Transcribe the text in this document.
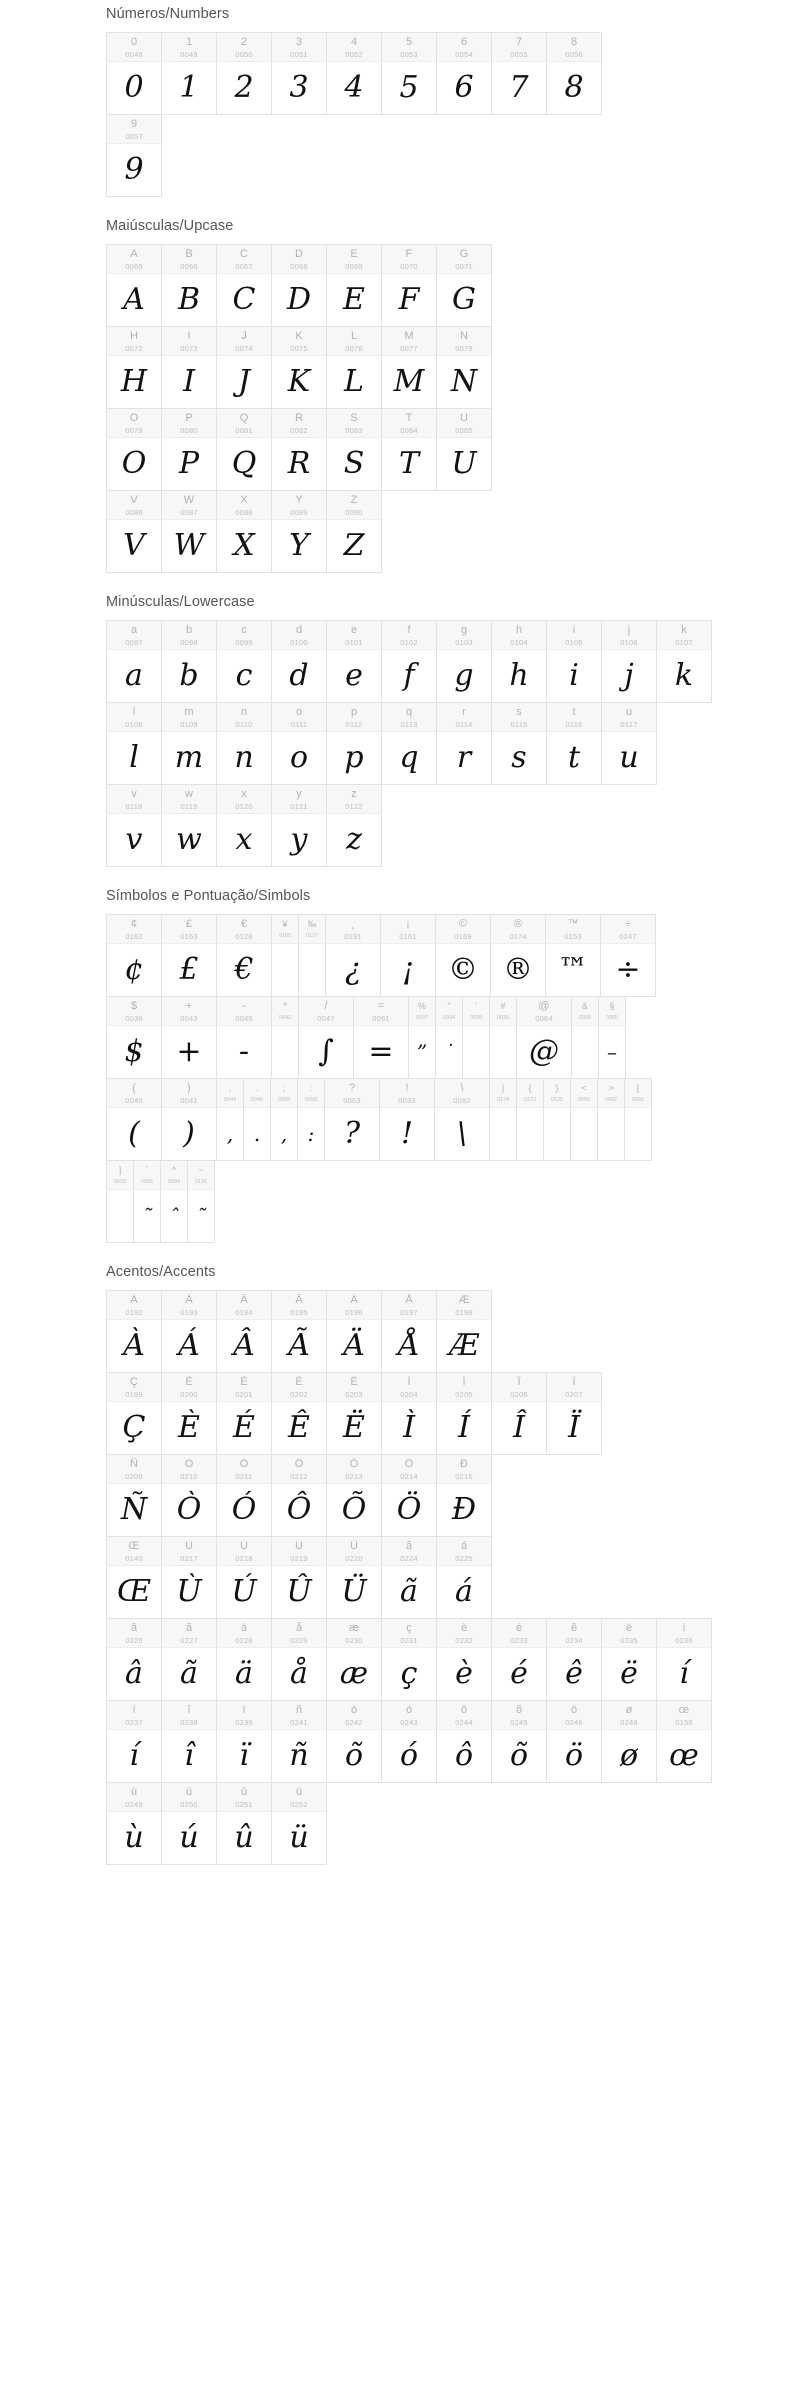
Números/Numbers
0
0048
0
1
0049
1
2
0050
2
3
0051
3
4
0052
4
5
0053
5
6
0054
6
7
0055
7
8
0056
8
9
0057
9
Maiúsculas/Upcase
A
0065
A
B
0066
B
C
0067
C
D
0068
D
E
0069
E
F
0070
F
G
0071
G
H
0072
H
I
0073
I
J
0074
J
K
0075
K
L
0076
L
M
0077
M
N
0078
N
O
0079
O
P
0080
P
Q
0081
Q
R
0082
R
S
0083
S
T
0084
T
U
0085
U
V
0086
V
W
0087
W
X
0088
X
Y
0089
Y
Z
0090
Z
Minúsculas/Lowercase
a
0097
a
b
0098
b
c
0099
c
d
0100
d
e
0101
e
f
0102
f
g
0103
g
h
0104
h
i
0105
i
j
0106
j
k
0107
k
l
0108
l
m
0109
m
n
0110
n
o
0111
o
p
0112
p
q
0113
q
r
0114
r
s
0115
s
t
0116
t
u
0117
u
v
0118
v
w
0119
w
x
0120
x
y
0121
y
z
0122
z
Símbolos e Pontuação/Simbols
¢
0162
¢
£
0163
£
€
0128
€
¥
0165
‰
0137
¸
0191
¿
¡
0161
¡
©
0169
©
®
0174
®
™
0153
™
÷
0247
÷
$
0036
$
+
0043
+
-
0045
-
*
0042
/
0047
∫
=
0061
=
%
0037
”
"
0034
˙
'
0039
#
0035
@
0064
@
&
0038
§
0065
–
(
0040
(
)
0041
)
,
0044
,
.
0046
.
;
0059
,
:
0058
:
?
0063
?
!
0033
!
\
0092
\
|
0124
{
0123
}
0125
<
0060
>
0062
[
0091
]
0093
`
0096
˜
^
0094
ˆ
~
0126
˜
Acentos/Accents
À
0192
À
Á
0193
Á
Â
0194
Â
Ã
0195
Ã
Ä
0196
Ä
Å
0197
Å
Æ
0198
Æ
Ç
0199
Ç
È
0200
È
É
0201
É
Ê
0202
Ê
Ë
0203
Ë
Ì
0204
Ì
Í
0205
Í
Î
0206
Î
Ï
0207
Ï
Ñ
0209
Ñ
Ò
0210
Ò
Ó
0211
Ó
Ô
0212
Ô
Õ
0213
Õ
Ö
0214
Ö
Ð
0216
Ð
Œ
0140
Œ
Ù
0217
Ù
Ú
0218
Ú
Û
0219
Û
Ü
0220
Ü
ã
0224
ã
á
0225
á
â
0226
â
ã
0227
ã
ä
0228
ä
å
0229
å
æ
0230
æ
ç
0231
ç
è
0232
è
é
0233
é
ê
0234
ê
ë
0235
ë
ì
0236
í
í
0237
í
î
0238
î
ï
0239
ï
ñ
0241
ñ
ò
0242
õ
ó
0243
ó
ô
0244
ô
õ
0245
õ
ö
0246
ö
ø
0248
ø
œ
0156
œ
ù
0249
ù
ú
0250
ú
û
0251
û
ü
0252
ü
